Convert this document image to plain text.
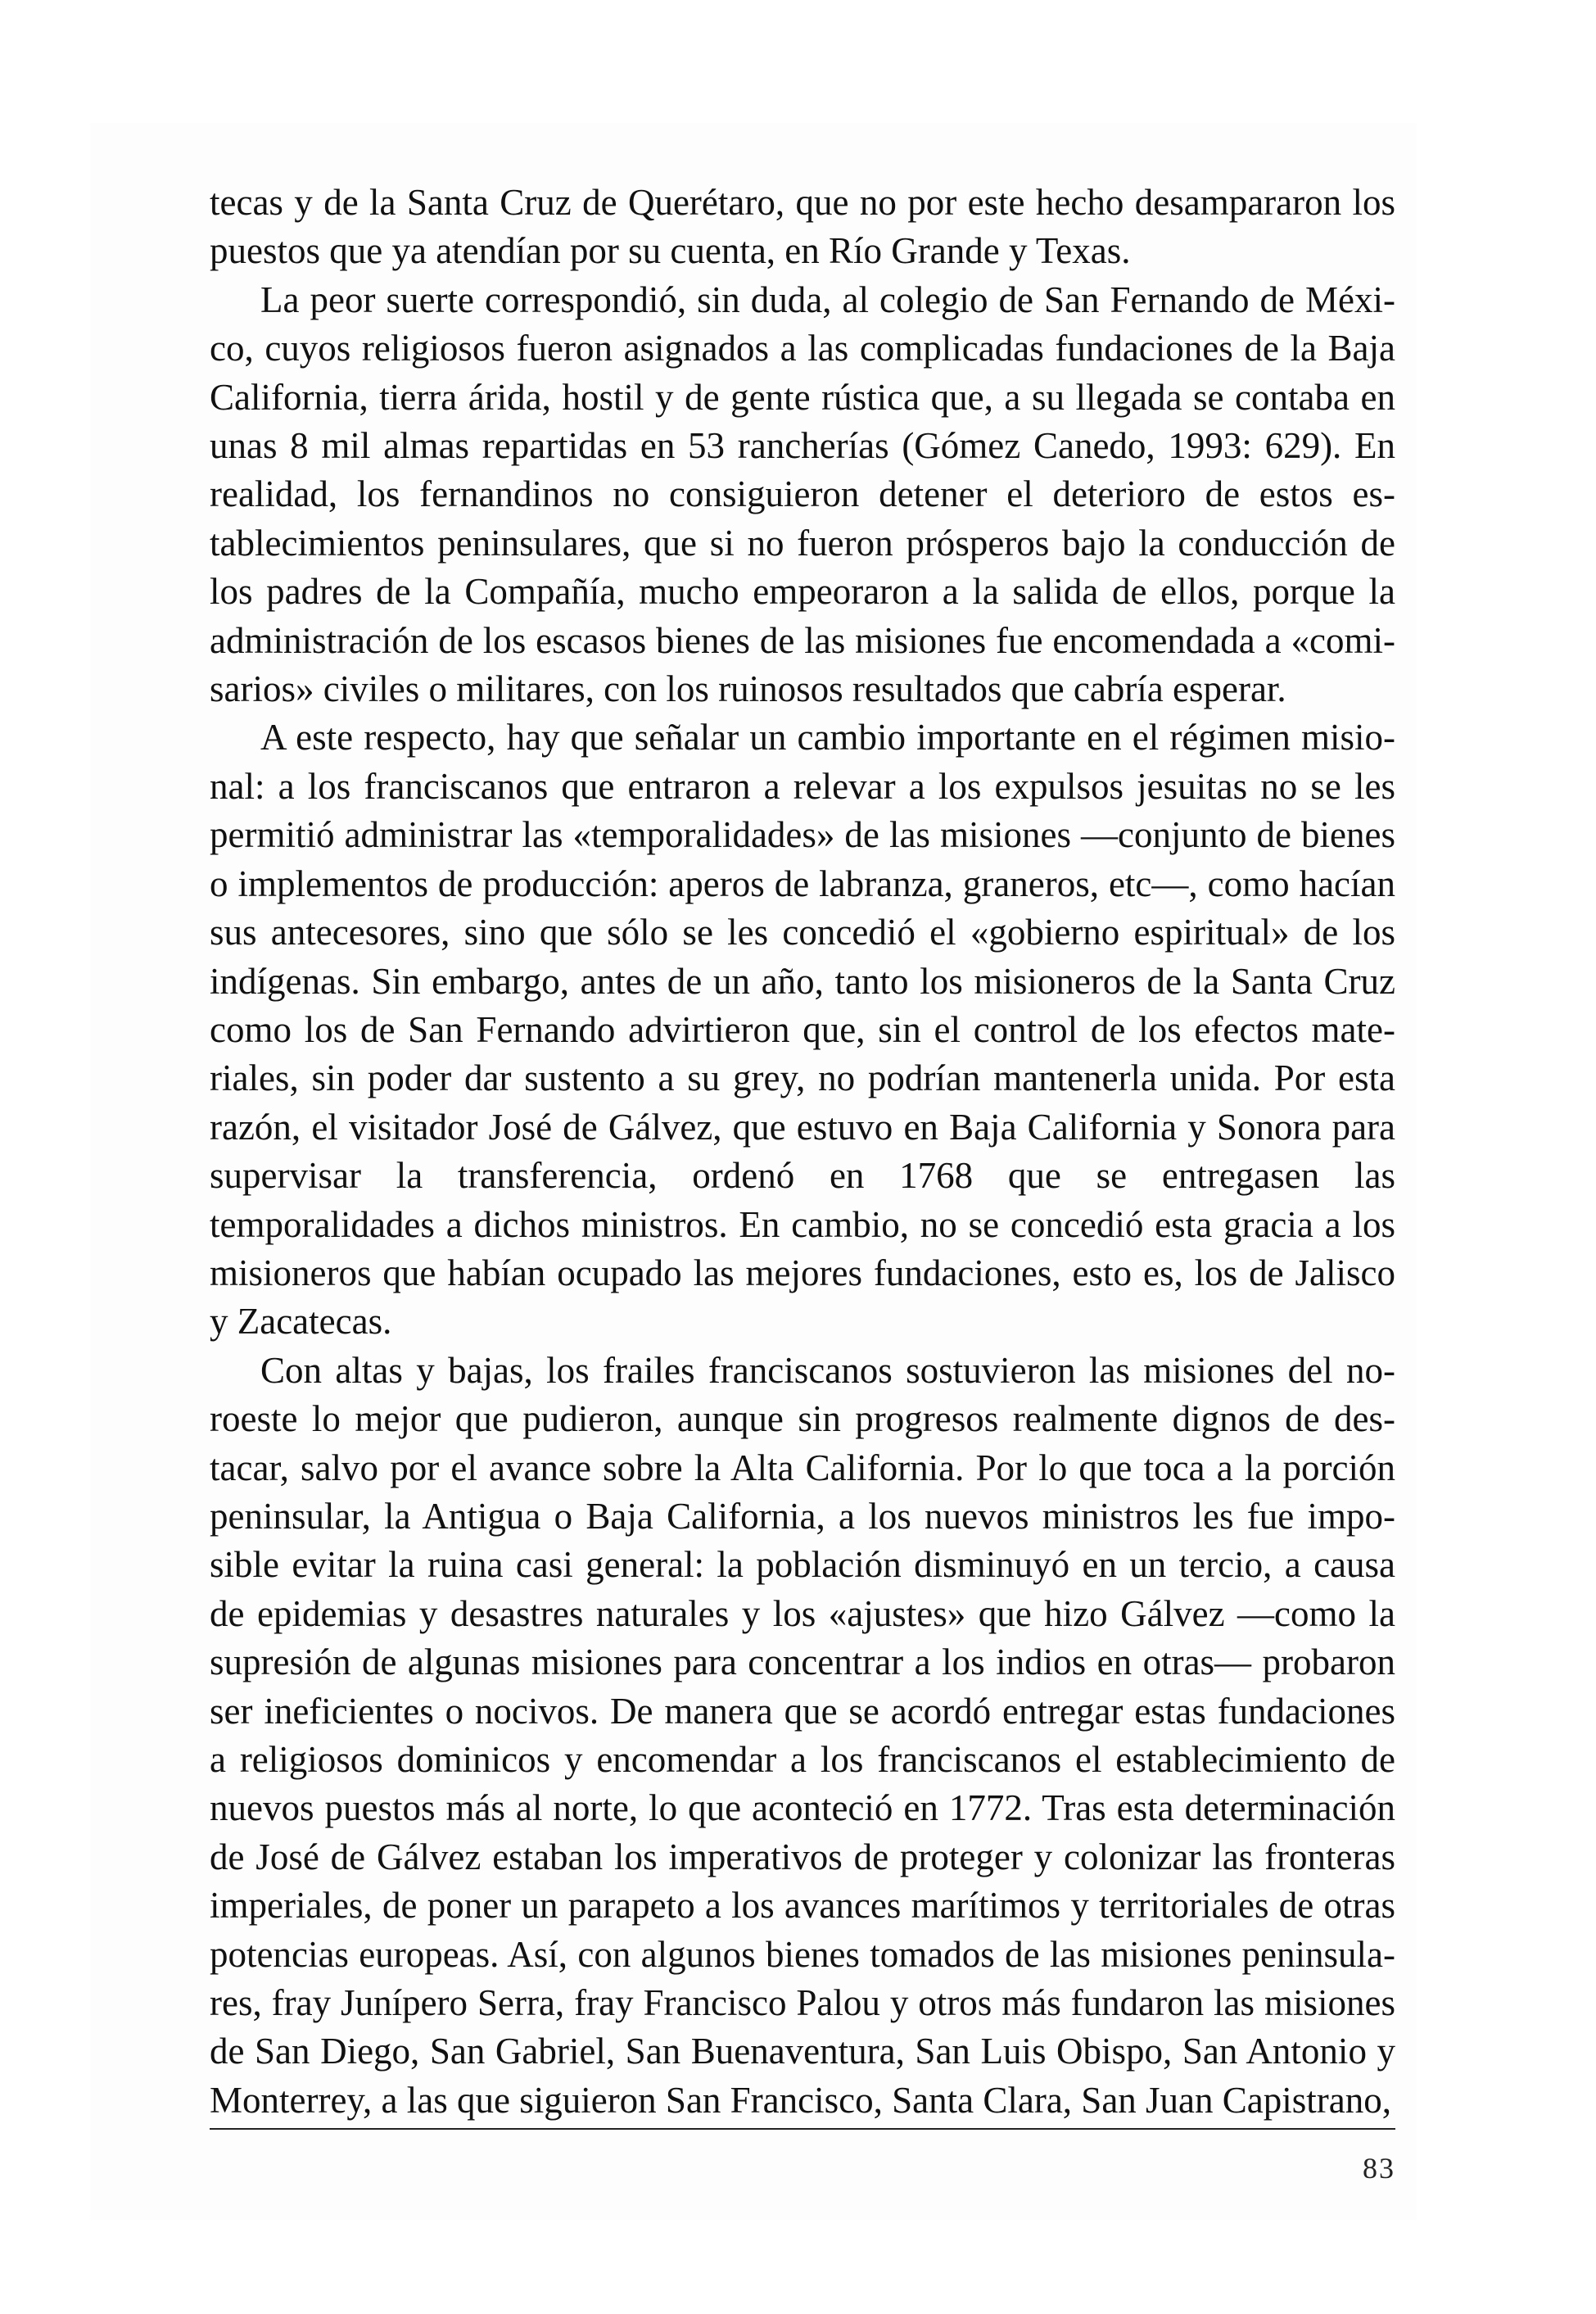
tecas y de la Santa Cruz de Querétaro, que no por este hecho desampararon los puestos que ya atendían por su cuenta, en Río Grande y Texas.

La peor suerte correspondió, sin duda, al colegio de San Fernando de México, cuyos religiosos fueron asignados a las complicadas fundaciones de la Baja California, tierra árida, hostil y de gente rústica que, a su llegada se contaba en unas 8 mil almas repartidas en 53 rancherías (Gómez Canedo, 1993: 629). En realidad, los fernandinos no consiguieron detener el deterioro de estos establecimientos peninsulares, que si no fueron prósperos bajo la conducción de los padres de la Compañía, mucho empeoraron a la salida de ellos, porque la administración de los escasos bienes de las misiones fue encomendada a «comisarios» civiles o militares, con los ruinosos resultados que cabría esperar.

A este respecto, hay que señalar un cambio importante en el régimen misional: a los franciscanos que entraron a relevar a los expulsos jesuitas no se les permitió administrar las «temporalidades» de las misiones —conjunto de bienes o implementos de producción: aperos de labranza, graneros, etc—, como hacían sus antecesores, sino que sólo se les concedió el «gobierno espiritual» de los indígenas. Sin embargo, antes de un año, tanto los misioneros de la Santa Cruz como los de San Fernando advirtieron que, sin el control de los efectos materiales, sin poder dar sustento a su grey, no podrían mantenerla unida. Por esta razón, el visitador José de Gálvez, que estuvo en Baja California y Sonora para supervisar la transferencia, ordenó en 1768 que se entregasen las temporalidades a dichos ministros. En cambio, no se concedió esta gracia a los misioneros que habían ocupado las mejores fundaciones, esto es, los de Jalisco y Zacatecas.

Con altas y bajas, los frailes franciscanos sostuvieron las misiones del noroeste lo mejor que pudieron, aunque sin progresos realmente dignos de destacar, salvo por el avance sobre la Alta California. Por lo que toca a la porción peninsular, la Antigua o Baja California, a los nuevos ministros les fue imposible evitar la ruina casi general: la población disminuyó en un tercio, a causa de epidemias y desastres naturales y los «ajustes» que hizo Gálvez —como la supresión de algunas misiones para concentrar a los indios en otras— probaron ser ineficientes o nocivos. De manera que se acordó entregar estas fundaciones a religiosos dominicos y encomendar a los franciscanos el establecimiento de nuevos puestos más al norte, lo que aconteció en 1772. Tras esta determinación de José de Gálvez estaban los imperativos de proteger y colonizar las fronteras imperiales, de poner un parapeto a los avances marítimos y territoriales de otras potencias europeas. Así, con algunos bienes tomados de las misiones peninsulares, fray Junípero Serra, fray Francisco Palou y otros más fundaron las misiones de San Diego, San Gabriel, San Buenaventura, San Luis Obispo, San Antonio y Monterrey, a las que siguieron San Francisco, Santa Clara, San Juan Capistrano,

83
